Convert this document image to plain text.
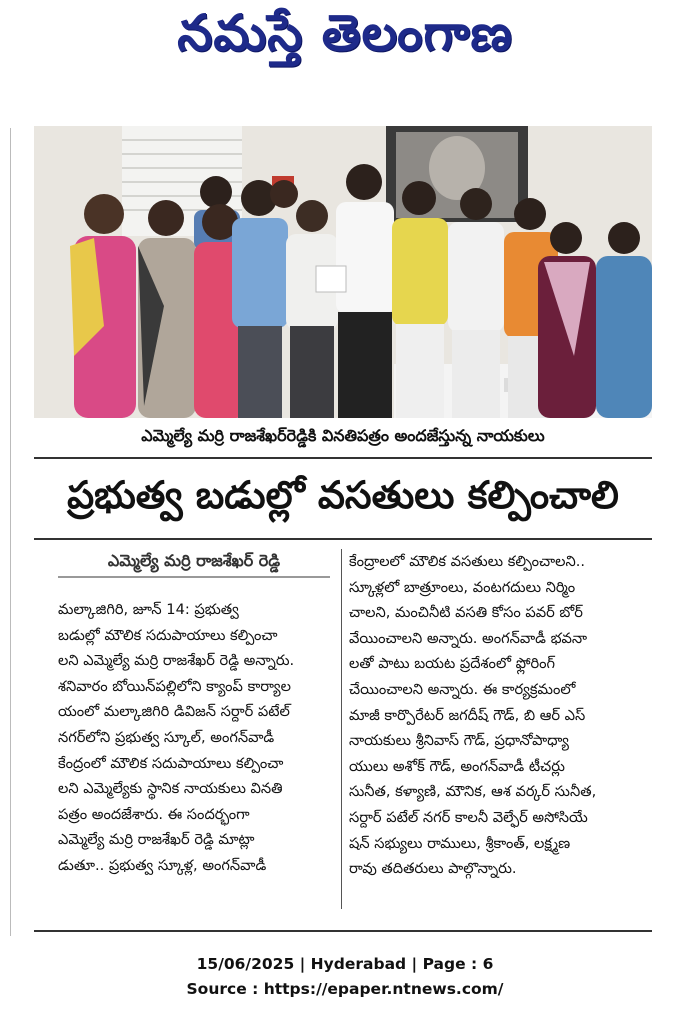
నమస్తే తెలంగాణ
ఎమ్మెల్యే మర్రి రాజశేఖర్‌రెడ్డికి వినతిపత్రం అందజేస్తున్న నాయకులు
ప్రభుత్వ బడుల్లో వసతులు కల్పించాలి
ఎమ్మెల్యే మర్రి రాజశేఖర్ రెడ్డి
మల్కాజిగిరి, జూన్ 14: ప్రభుత్వ
బడుల్లో మౌలిక సదుపాయాలు కల్పించా
లని ఎమ్మెల్యే మర్రి రాజశేఖర్ రెడ్డి అన్నారు.
శనివారం బోయిన్‌పల్లిలోని క్యాంప్ కార్యాల
యంలో మల్కాజిగిరి డివిజన్ సర్దార్ పటేల్
నగర్‌లోని ప్రభుత్వ స్కూల్, అంగన్‌వాడీ
కేంద్రంలో మౌలిక సదుపాయాలు కల్పించా
లని ఎమ్మెల్యేకు స్థానిక నాయకులు వినతి
పత్రం అందజేశారు. ఈ సందర్భంగా
ఎమ్మెల్యే మర్రి రాజశేఖర్ రెడ్డి మాట్లా
డుతూ.. ప్రభుత్వ స్కూళ్ల, అంగన్‌వాడీ
కేంద్రాలలో మౌలిక వసతులు కల్పించాలని..
స్కూళ్లలో బాత్రూంలు, వంటగదులు నిర్మిం
చాలని, మంచినీటి వసతి కోసం పవర్ బోర్
వేయించాలని అన్నారు. అంగన్‌వాడీ భవనా
లతో పాటు బయట ప్రదేశంలో ఫ్లోరింగ్
చేయించాలని అన్నారు. ఈ కార్యక్రమంలో
మాజీ కార్పొరేటర్ జగదీష్ గౌడ్, బి ఆర్ ఎస్
నాయకులు శ్రీనివాస్ గౌడ్, ప్రధానోపాధ్యా
యులు అశోక్ గౌడ్, అంగన్‌వాడీ టీచర్లు
సునీత, కళ్యాణి, మౌనిక, ఆశ వర్కర్ సునీత,
సర్దార్ పటేల్ నగర్ కాలనీ వెల్ఫేర్ అసోసియే
షన్ సభ్యులు రాములు, శ్రీకాంత్, లక్ష్మణ
రావు తదితరులు పాల్గొన్నారు.
15/06/2025 | Hyderabad | Page : 6
Source : https://epaper.ntnews.com/
